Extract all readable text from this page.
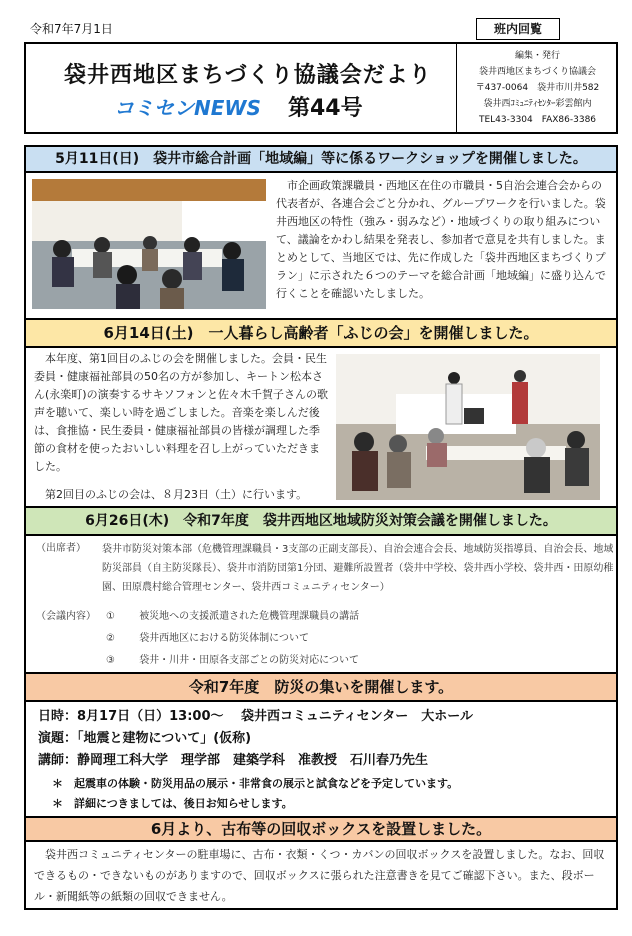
令和7年7月1日	班内回覧
袋井西地区まちづくり協議会だより
コミセンNEWS 第44号
編集・発行
袋井西地区まちづくり協議会
〒437-0064　袋井市川井582
袋井西ｺﾐｭﾆﾃｨｾﾝﾀｰ彩雲館内
TEL43-3304　FAX86-3386
5月11日(日)　袋井市総合計画「地域編」等に係るワークショップを開催しました。
市企画政策課職員・西地区在住の市職員・5自治会連合会からの代表者が、各連合会ごと分かれ、グループワークを行いました。袋井西地区の特性（強み・弱みなど）・地域づくりの取り組みについて、議論をかわし結果を発表し、参加者で意見を共有しました。まとめとして、当地区では、先に作成した「袋井西地区まちづくりプラン」に示された６つのテーマを総合計画「地域編」に盛り込んで行くことを確認いたしました。
6月14日(土)　一人暮らし高齢者「ふじの会」を開催しました。
本年度、第1回目のふじの会を開催しました。会員・民生委員・健康福祉部員の50名の方が参加し、キートン松本さん(永楽町)の演奏するサキソフォンと佐々木千賀子さんの歌声を聴いて、楽しい時を過ごしました。音楽を楽しんだ後は、食推協・民生委員・健康福祉部員の皆様が調理した季節の食材を使ったおいしい料理を召し上がっていただきました。
第2回目のふじの会は、８月23日（土）に行います。
6月26日(木)　令和7年度　袋井西地区地域防災対策会議を開催しました。
（出席者）	袋井市防災対策本部（危機管理課職員・3支部の正副支部長）、自治会連合会長、地域防災指導員、自治会長、地域防災部員（自主防災隊長）、袋井市消防団第1分団、避難所設置者（袋井中学校、袋井西小学校、袋井西・田原幼稚園、田原農村総合管理センター、袋井西コミュニティセンター）
（会議内容）	① 被災地への支援派遣された危機管理課職員の講話
② 袋井西地区における防災体制について
③ 袋井・川井・田原各支部ごとの防災対応について
令和7年度　防災の集いを開催します。
日時：8月17日（日）13:00～　 袋井西コミュニティセンター　大ホール
演題：「地震と建物について」(仮称)
講師：静岡理工科大学　理学部　建築学科　准教授　石川春乃先生
＊　起震車の体験・防災用品の展示・非常食の展示と試食などを予定しています。
＊　詳細につきましては、後日お知らせします。
6月より、古布等の回収ボックスを設置しました。
袋井西コミュニティセンターの駐車場に、古布・衣類・くつ・カバンの回収ボックスを設置しました。なお、回収できるもの・できないものがありますので、回収ボックスに張られた注意書きを見てご確認下さい。また、段ボール・新聞紙等の紙類の回収できません。
